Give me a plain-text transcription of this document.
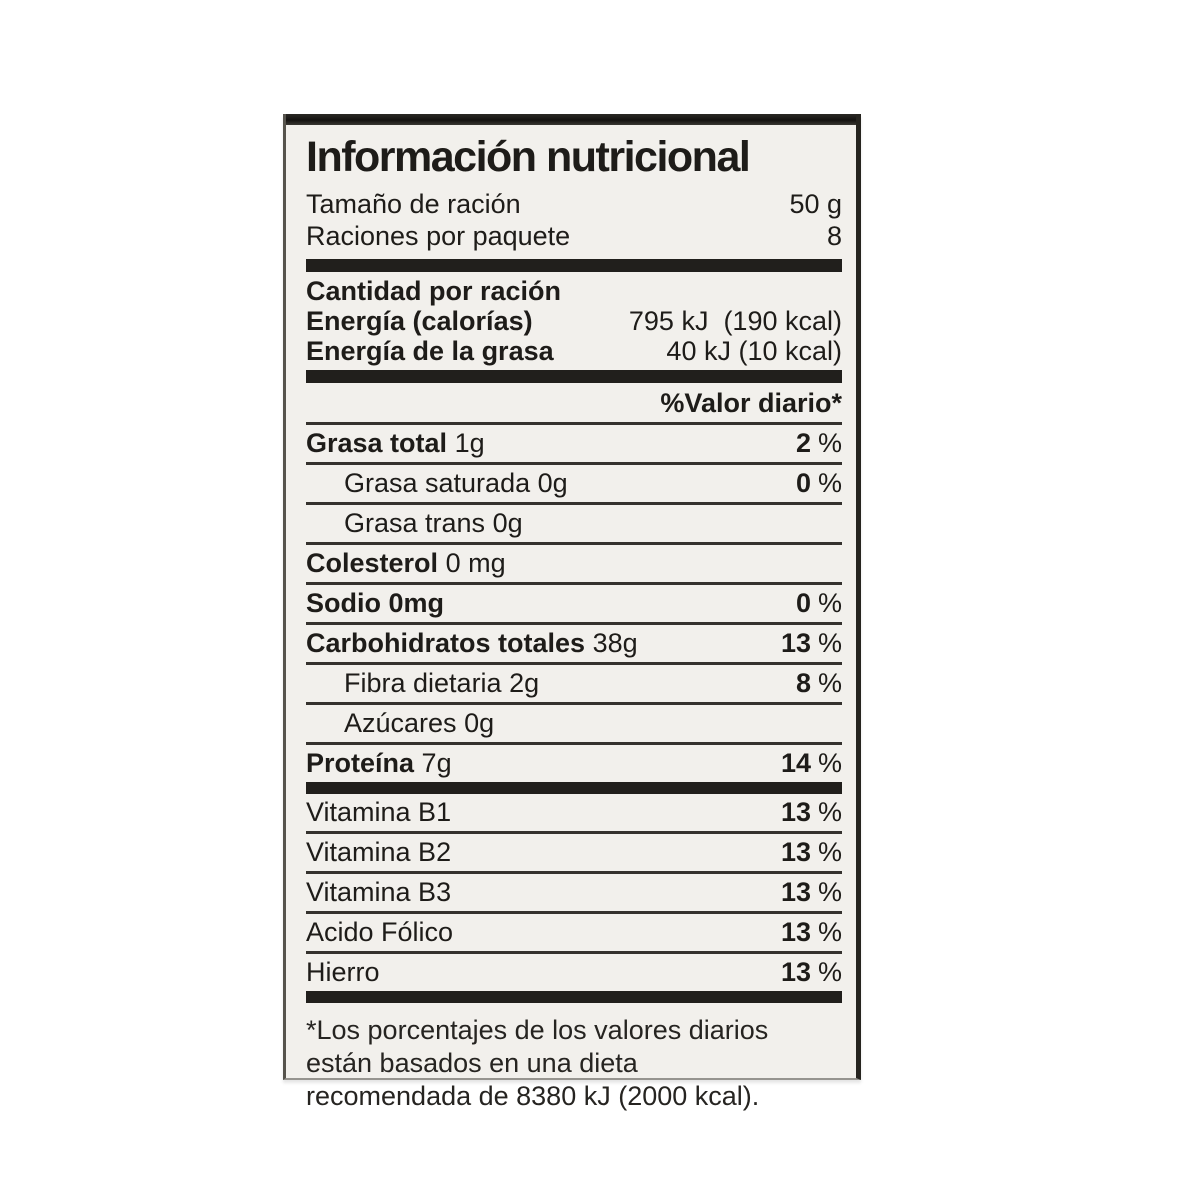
Información nutricional
Tamaño de ración	50 g
Raciones por paquete	8
Cantidad por ración
Energía (calorías)	795 kJ  (190 kcal)
Energía de la grasa	40 kJ (10 kcal)
%Valor diario*
Grasa total 1g	2 %
Grasa saturada 0g	0 %
Grasa trans 0g
Colesterol 0 mg
Sodio 0mg	0 %
Carbohidratos totales 38g	13 %
Fibra dietaria 2g	8 %
Azúcares 0g
Proteína 7g	14 %
Vitamina B1	13 %
Vitamina B2	13 %
Vitamina B3	13 %
Acido Fólico	13 %
Hierro	13 %
*Los porcentajes de los valores diarios
están basados en una dieta
recomendada de 8380 kJ (2000 kcal).
